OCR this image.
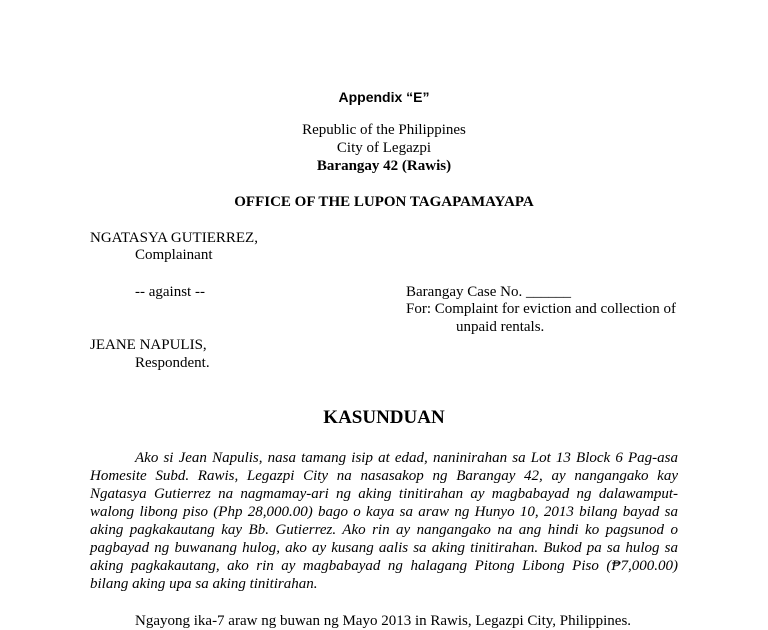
Appendix “E”
Republic of the Philippines
City of Legazpi
Barangay 42 (Rawis)
OFFICE OF THE LUPON TAGAPAMAYAPA
NGATASYA GUTIERREZ,
Complainant
-- against --	Barangay Case No. ______
For: Complaint for eviction and collection of
unpaid rentals.
JEANE NAPULIS,
Respondent.
KASUNDUAN

Ako si Jean Napulis, nasa tamang isip at edad, naninirahan sa Lot 13 Block 6 Pag-asa Homesite Subd. Rawis, Legazpi City na nasasakop ng Barangay 42, ay nangangako kay Ngatasya Gutierrez na nagmamay-ari ng aking tinitirahan ay magbabayad ng dalawamput-walong libong piso (Php 28,000.00) bago o kaya sa araw ng Hunyo 10, 2013 bilang bayad sa aking pagkakautang kay Bb. Gutierrez. Ako rin ay nangangako na ang hindi ko pagsunod o pagbayad ng buwanang hulog, ako ay kusang aalis sa aking tinitirahan. Bukod pa sa hulog sa aking pagkakautang, ako rin ay magbabayad ng halagang Pitong Libong Piso (₱7,000.00) bilang aking upa sa aking tinitirahan.

Ngayong ika-7 araw ng buwan ng Mayo 2013 in Rawis, Legazpi City, Philippines.
